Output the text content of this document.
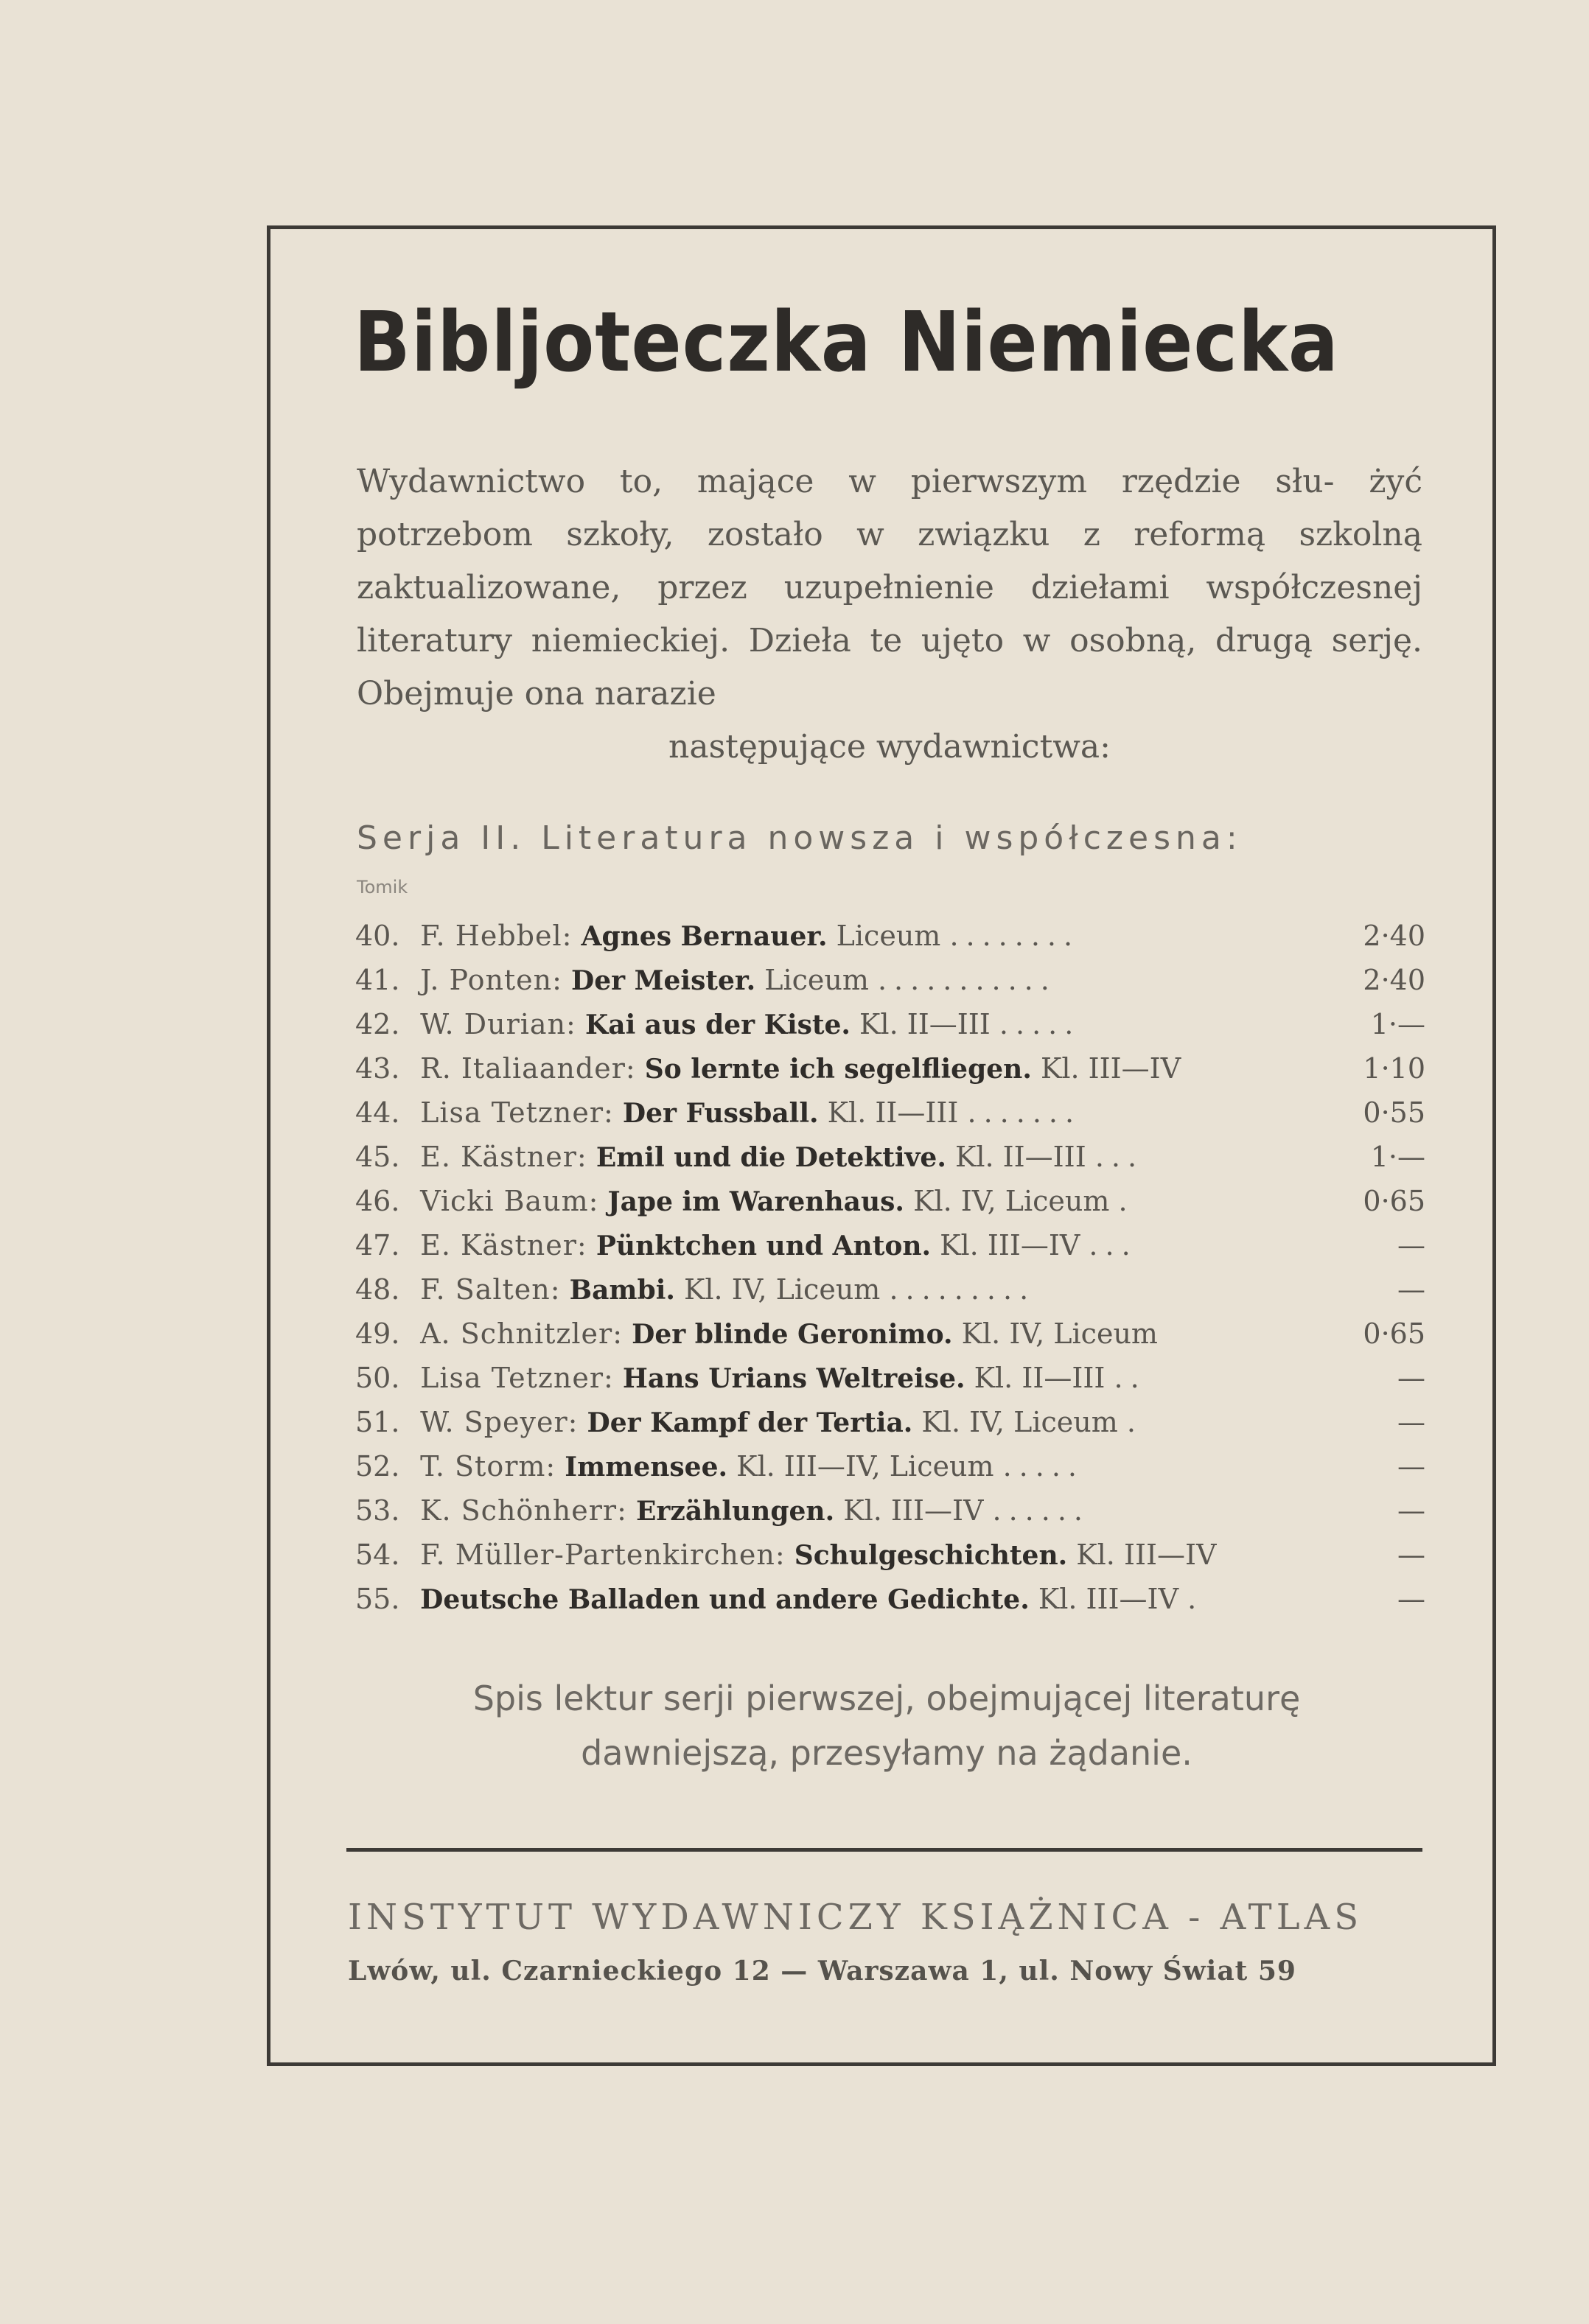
Bibljoteczka Niemiecka
Wydawnictwo to, mające w pierwszym rzędzie słu- żyć potrzebom szkoły, zostało w związku z reformą szkolną zaktualizowane, przez uzupełnienie dziełami współczesnej literatury niemieckiej. Dzieła te ujęto w osobną, drugą serję. Obejmuje ona narazie
następujące wydawnictwa:
Serja II. Literatura nowsza i współczesna:
Tomik
40. F. Hebbel: Agnes Bernauer. Liceum ........	2·40
41. J. Ponten: Der Meister. Liceum ...........	2·40
42. W. Durian: Kai aus der Kiste. Kl. II—III .....	1·—
43. R. Italiaander: So lernte ich segelfliegen. Kl. III—IV	1·10
44. Lisa Tetzner: Der Fussball. Kl. II—III .......	0·55
45. E. Kästner: Emil und die Detektive. Kl. II—III ...	1·—
46. Vicki Baum: Jape im Warenhaus. Kl. IV, Liceum .	0·65
47. E. Kästner: Pünktchen und Anton. Kl. III—IV ...	—
48. F. Salten: Bambi. Kl. IV, Liceum .........	—
49. A. Schnitzler: Der blinde Geronimo. Kl. IV, Liceum	0·65
50. Lisa Tetzner: Hans Urians Weltreise. Kl. II—III ..	—
51. W. Speyer: Der Kampf der Tertia. Kl. IV, Liceum .	—
52. T. Storm: Immensee. Kl. III—IV, Liceum .....	—
53. K. Schönherr: Erzählungen. Kl. III—IV ......	—
54. F. Müller-Partenkirchen: Schulgeschichten. Kl. III—IV	—
55. Deutsche Balladen und andere Gedichte. Kl. III—IV .	—
Spis lektur serji pierwszej, obejmującej literaturę
dawniejszą, przesyłamy na żądanie.
INSTYTUT WYDAWNICZY KSIĄŻNICA - ATLAS
Lwów, ul. Czarnieckiego 12 — Warszawa 1, ul. Nowy Świat 59
